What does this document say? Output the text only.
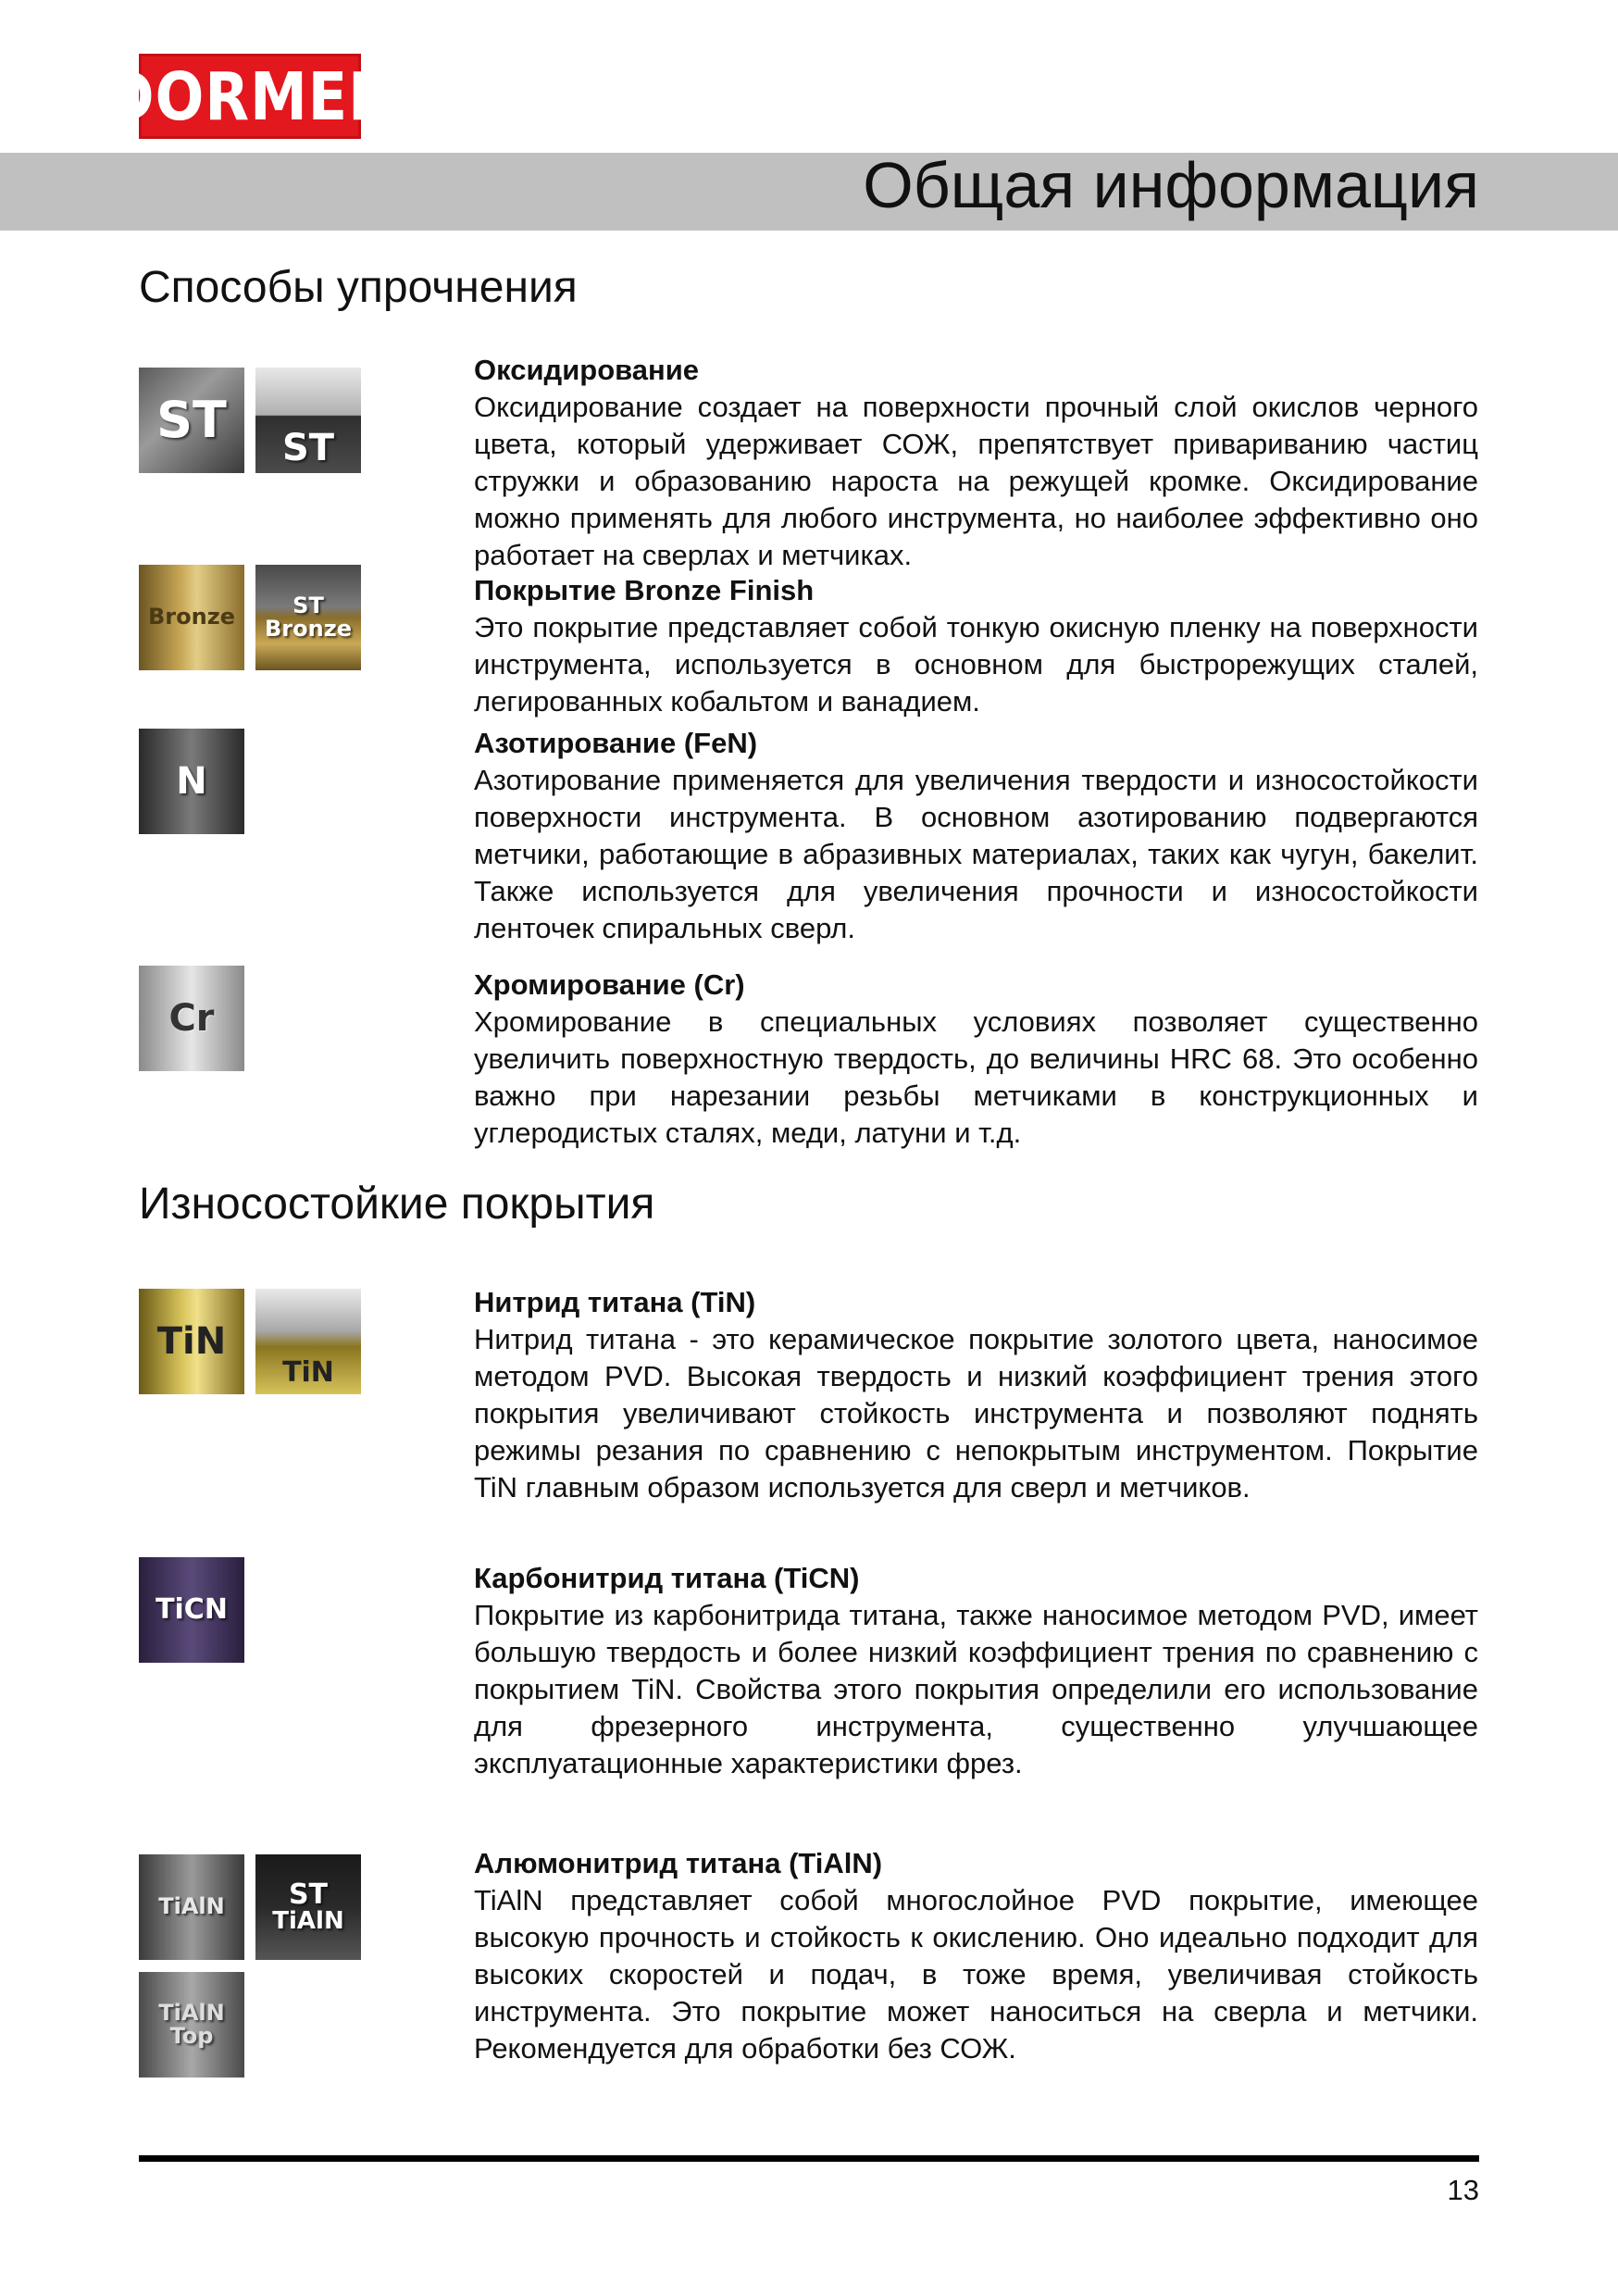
DORMER
Общая информация
Способы упрочнения
ST ST
Оксидирование

Оксидирование создает на поверхности прочный слой окислов черного цвета, который удерживает СОЖ, препятствует привариванию частиц стружки и образованию нароста на режущей кромке. Оксидирование можно применять для любого инструмента, но наиболее эффективно оно работает на сверлах и метчиках.

Bronze	ST
Bronze
Покрытие Bronze Finish

Это покрытие представляет собой тонкую окисную пленку на поверхности инструмента, используется в основном для быстрорежущих сталей, легированных кобальтом и ванадием.

N
Азотирование (FeN)

Азотирование применяется для увеличения твердости и износостойкости поверхности инструмента. В основном азотированию подвергаются метчики, работающие в абразивных материалах, таких как чугун, бакелит. Также используется для увеличения прочности и износостойкости ленточек спиральных сверл.

Cr
Хромирование (Cr)

Хромирование в специальных условиях позволяет существенно увеличить поверхностную твердость, до величины HRC 68. Это особенно важно при нарезании резьбы метчиками в конструкционных и углеродистых сталях, меди, латуни и т.д.

Износостойкие покрытия
TiN
TiN
Нитрид титана (TiN)

Нитрид титана - это керамическое покрытие золотого цвета, наносимое методом PVD. Высокая твердость и низкий коэффициент трения этого покрытия увеличивают стойкость инструмента и позволяют поднять режимы резания по сравнению с непокрытым инструментом. Покрытие TiN главным образом используется для сверл и метчиков.

TiCN
Карбонитрид титана (TiCN)

Покрытие из карбонитрида титана, также наносимое методом PVD, имеет большую твердость и более низкий коэффициент трения по сравнению с покрытием TiN. Свойства этого покрытия определили его использование для фрезерного инструмента, существенно улучшающее эксплуатационные характеристики фрез.

TiAlN ST
TiAlN
TiAlN
Top
Алюмонитрид титана (TiAlN)

TiAlN представляет собой многослойное PVD покрытие, имеющее высокую прочность и стойкость к окислению. Оно идеально подходит для высоких скоростей и подач, в тоже время, увеличивая стойкость инструмента. Это покрытие может наноситься на сверла и метчики. Рекомендуется для обработки без СОЖ.

13
